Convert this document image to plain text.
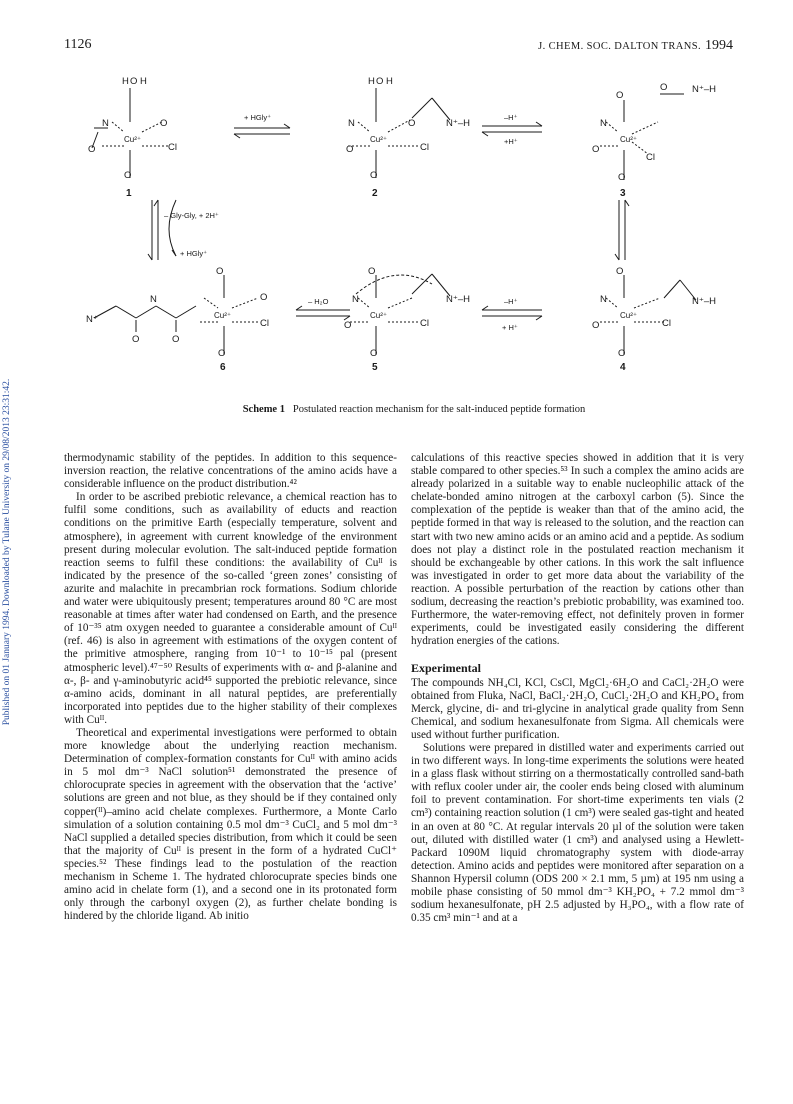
1126	J. CHEM. SOC. DALTON TRANS. 1994
Published on 01 January 1994. Downloaded by Tulane University on 29/08/2013 23:31:42.
H O H
N
Cu²⁺
O
Cl
O
O
H O H
N
Cu²⁺
O
Cl
O
O
N⁺–H
O
N
Cu²⁺
Cl
O
O
O	N⁺–H
O
N
Cu²⁺
Cl
O
O
N⁺–H
O
N
Cu²⁺
Cl
O
O
N⁺–H
O
Cu²⁺
Cl
O
O
N⁺
N
O	O
1	2	3
4
5
6
+ HGly⁺	–H⁺
+H⁺
– Gly-Gly, + 2H⁺
+ HGly⁺
– H₂O	–H⁺
+ H⁺
Scheme 1 Postulated reaction mechanism for the salt-induced peptide formation

thermodynamic stability of the peptides. In addition to this sequence-inversion reaction, the relative concentrations of the amino acids have a considerable influence on the product distribution.⁴²

In order to be ascribed prebiotic relevance, a chemical reaction has to fulfil some conditions, such as availability of educts and reaction conditions on the primitive Earth (especially temperature, solvent and atmosphere), in agreement with current knowledge of the environment present during molecular evolution. The salt-induced peptide formation reaction seems to fulfil these conditions: the availability of Cuᴵᴵ is indicated by the presence of the so-called ‘green zones’ consisting of azurite and malachite in precambrian rock formations. Sodium chloride and water were ubiquitously present; temperatures around 80 °C are most reasonable at times after water had condensed on Earth, and the presence of 10⁻³⁵ atm oxygen needed to guarantee a considerable amount of Cuᴵᴵ (ref. 46) is also in agreement with estimations of the oxygen content of the primitive atmosphere, ranging from 10⁻¹ to 10⁻¹⁵ pal (present atmospheric level).⁴⁷⁻⁵⁰ Results of experiments with α- and β-alanine and α-, β- and γ-aminobutyric acid⁴⁵ supported the prebiotic relevance, since α-amino acids, dominant in all natural peptides, are preferentially incorporated into peptides due to the higher stability of their complexes with Cuᴵᴵ.

Theoretical and experimental investigations were performed to obtain more knowledge about the underlying reaction mechanism. Determination of complex-formation constants for Cuᴵᴵ with amino acids in 5 mol dm⁻³ NaCl solution⁵¹ demonstrated the presence of chlorocuprate species in agreement with the observation that the ‘active’ solutions are green and not blue, as they should be if they contained only copper(ᴵᴵ)–amino acid chelate complexes. Furthermore, a Monte Carlo simulation of a solution containing 0.5 mol dm⁻³ CuCl₂ and 5 mol dm⁻³ NaCl supplied a detailed species distribution, from which it could be seen that the majority of Cuᴵᴵ is present in the form of a hydrated CuCl⁺ species.⁵² These findings lead to the postulation of the reaction mechanism in Scheme 1. The hydrated chlorocuprate species binds one amino acid in chelate form (1), and a second one in its protonated form only through the carbonyl oxygen (2), as further chelate bonding is hindered by the chloride ligand. Ab initio

calculations of this reactive species showed in addition that it is very stable compared to other species.⁵³ In such a complex the amino acids are already polarized in a suitable way to enable nucleophilic attack of the chelate-bonded amino nitrogen at the carboxyl carbon (5). Since the complexation of the peptide is weaker than that of the amino acid, the peptide formed in that way is released to the solution, and the reaction can start with two new amino acids or an amino acid and a peptide. As sodium does not play a distinct role in the postulated reaction mechanism it should be exchangeable by other cations. In this work the salt influence was investigated in order to get more data about the variability of the reaction. A possible perturbation of the reaction by cations other than sodium, decreasing the reaction’s prebiotic probability, was examined too. Furthermore, the water-removing effect, not definitely proven in former experiments, could be investigated easily considering the different hydration energies of the cations.

Experimental

The compounds NH₄Cl, KCl, CsCl, MgCl₂·6H₂O and CaCl₂·2H₂O were obtained from Fluka, NaCl, BaCl₂·2H₂O, CuCl₂·2H₂O and KH₂PO₄ from Merck, glycine, di- and tri-glycine in analytical grade quality from Senn Chemical, and sodium hexanesulfonate from Sigma. All chemicals were used without further purification.

Solutions were prepared in distilled water and experiments carried out in two different ways. In long-time experiments the solutions were heated in a glass flask without stirring on a thermostatically controlled sand-bath with reflux cooler under air, the cooler ends being closed with aluminum foil to prevent contamination. For short-time experiments ten vials (2 cm³) containing reaction solution (1 cm³) were sealed gas-tight and heated in an oven at 80 °C. At regular intervals 20 µl of the solution were taken out, diluted with distilled water (1 cm³) and analysed using a Hewlett-Packard 1090M liquid chromatography system with diode-array detection. Amino acids and peptides were monitored after separation on a Shannon Hypersil column (ODS 200 × 2.1 mm, 5 µm) at 195 nm using a mobile phase consisting of 50 mmol dm⁻³ KH₂PO₄ + 7.2 mmol dm⁻³ sodium hexanesulfonate, pH 2.5 adjusted by H₃PO₄, with a flow rate of 0.35 cm³ min⁻¹ and at a
